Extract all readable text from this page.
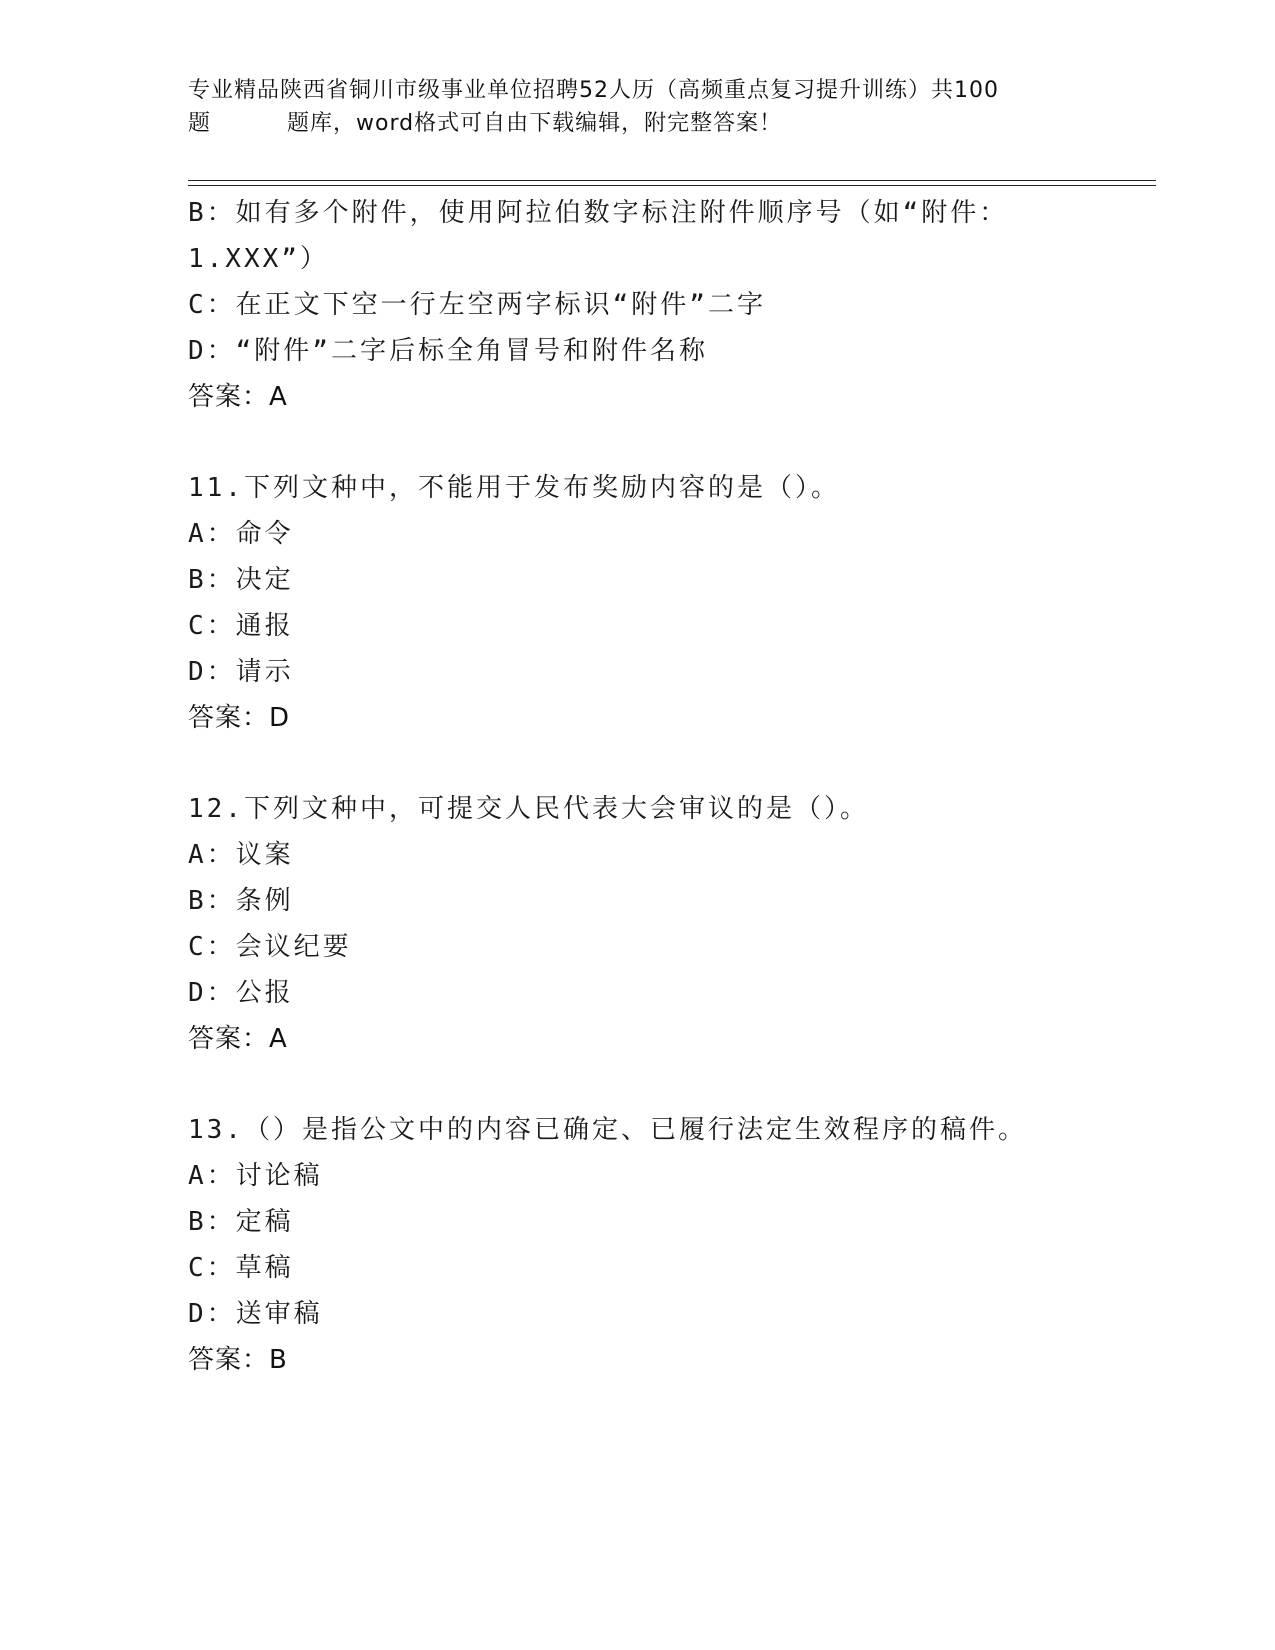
专业精品陕西省铜川市级事业单位招聘52人历（高频重点复习提升训练）共100
题	题库，word格式可自由下载编辑，附完整答案！
B：如有多个附件，使用阿拉伯数字标注附件顺序号（如“附件：
1.XXX”）
C：在正文下空一行左空两字标识“附件”二字
D：“附件”二字后标全角冒号和附件名称
答案：A
11.下列文种中，不能用于发布奖励内容的是（）。
A：命令
B：决定
C：通报
D：请示
答案：D
12.下列文种中，可提交人民代表大会审议的是（）。
A：议案
B：条例
C：会议纪要
D：公报
答案：A
13.（）是指公文中的内容已确定、已履行法定生效程序的稿件。
A：讨论稿
B：定稿
C：草稿
D：送审稿
答案：B
